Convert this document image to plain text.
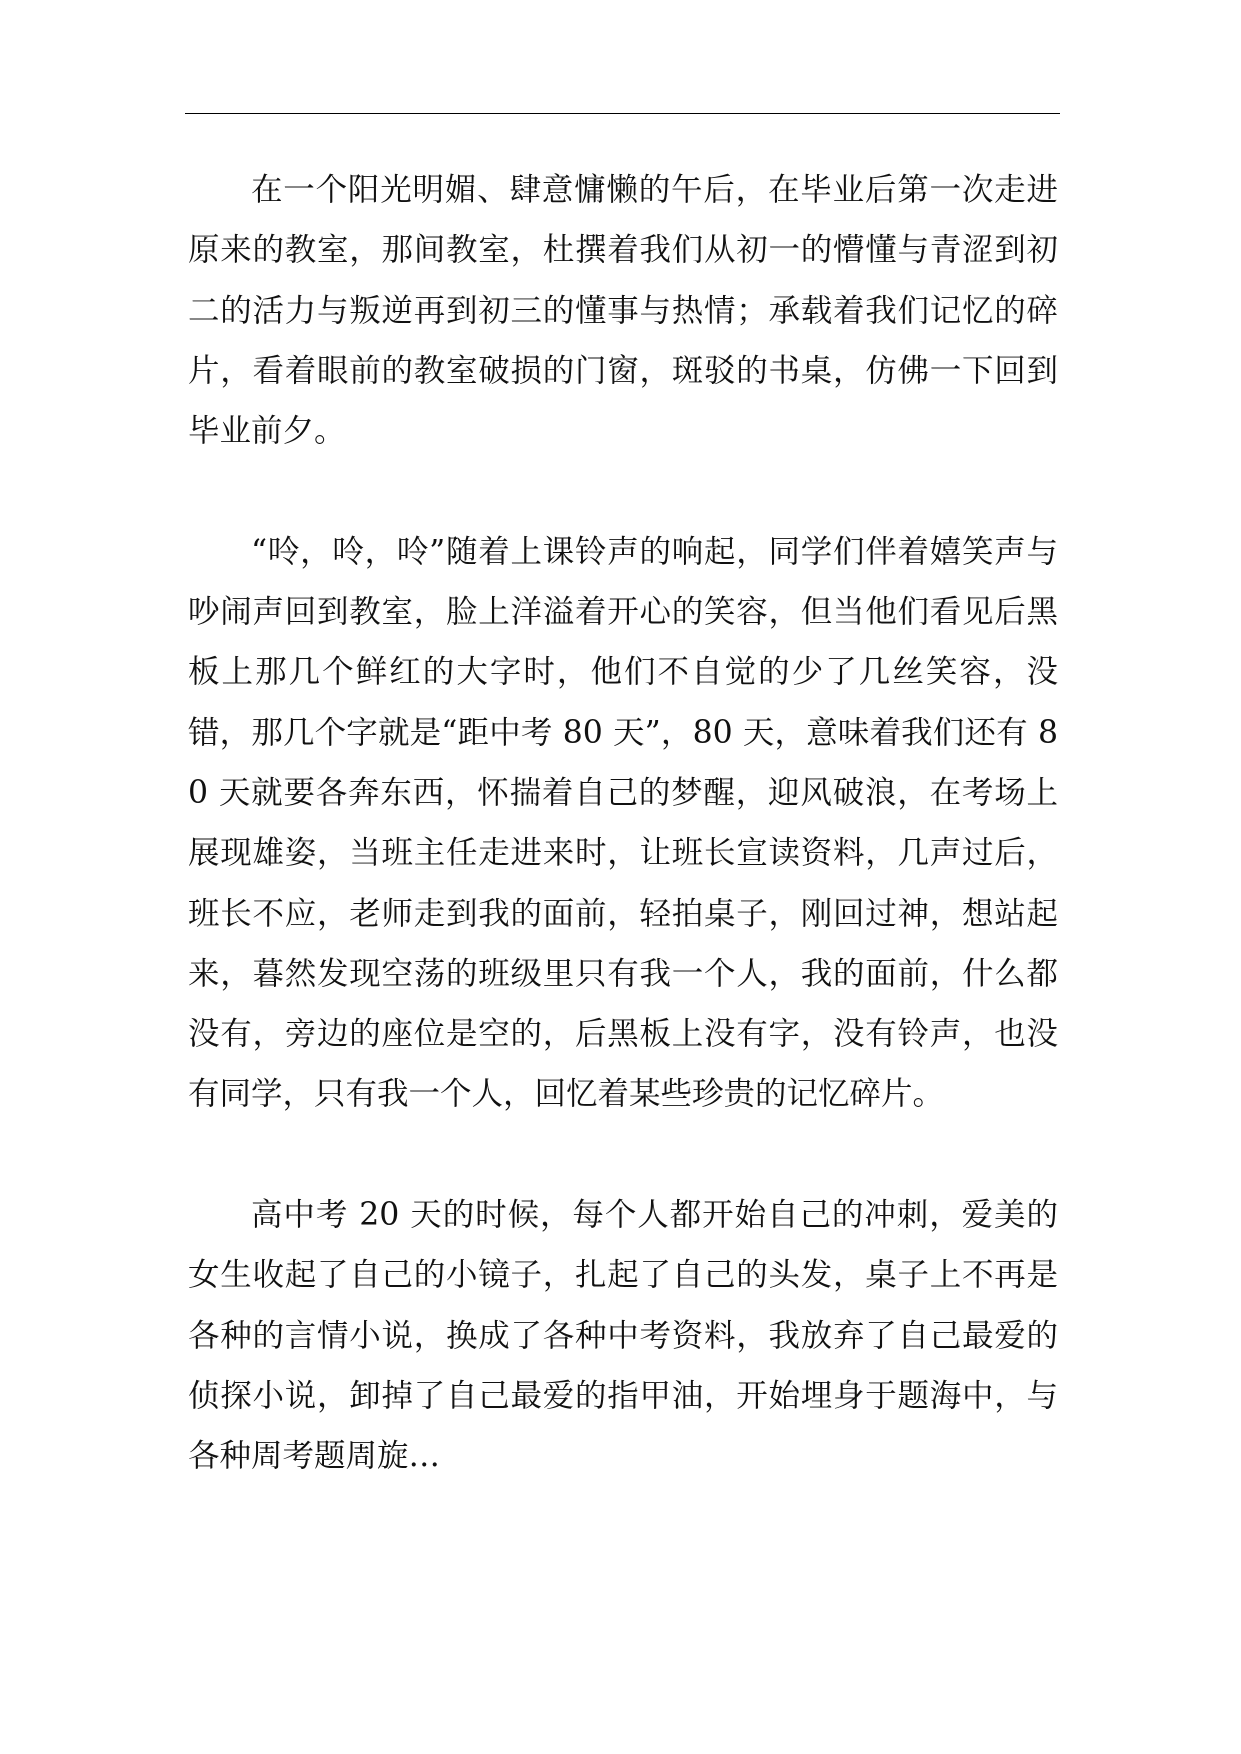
在一个阳光明媚、肆意慵懒的午后，在毕业后第一次走进原来的教室，那间教室，杜撰着我们从初一的懵懂与青涩到初二的活力与叛逆再到初三的懂事与热情；承载着我们记忆的碎片，看着眼前的教室破损的门窗，斑驳的书桌，仿佛一下回到毕业前夕。

“呤，呤，呤”随着上课铃声的响起，同学们伴着嬉笑声与吵闹声回到教室，脸上洋溢着开心的笑容，但当他们看见后黑板上那几个鲜红的大字时，他们不自觉的少了几丝笑容，没错，那几个字就是“距中考 80 天”，80 天，意味着我们还有 80 天就要各奔东西，怀揣着自己的梦醒，迎风破浪，在考场上展现雄姿，当班主任走进来时，让班长宣读资料，几声过后，班长不应，老师走到我的面前，轻拍桌子，刚回过神，想站起来，暮然发现空荡的班级里只有我一个人，我的面前，什么都没有，旁边的座位是空的，后黑板上没有字，没有铃声，也没有同学，只有我一个人，回忆着某些珍贵的记忆碎片。

高中考 20 天的时候，每个人都开始自己的冲刺，爱美的女生收起了自己的小镜子，扎起了自己的头发，桌子上不再是各种的言情小说，换成了各种中考资料，我放弃了自己最爱的侦探小说，卸掉了自己最爱的指甲油，开始埋身于题海中，与各种周考题周旋…
